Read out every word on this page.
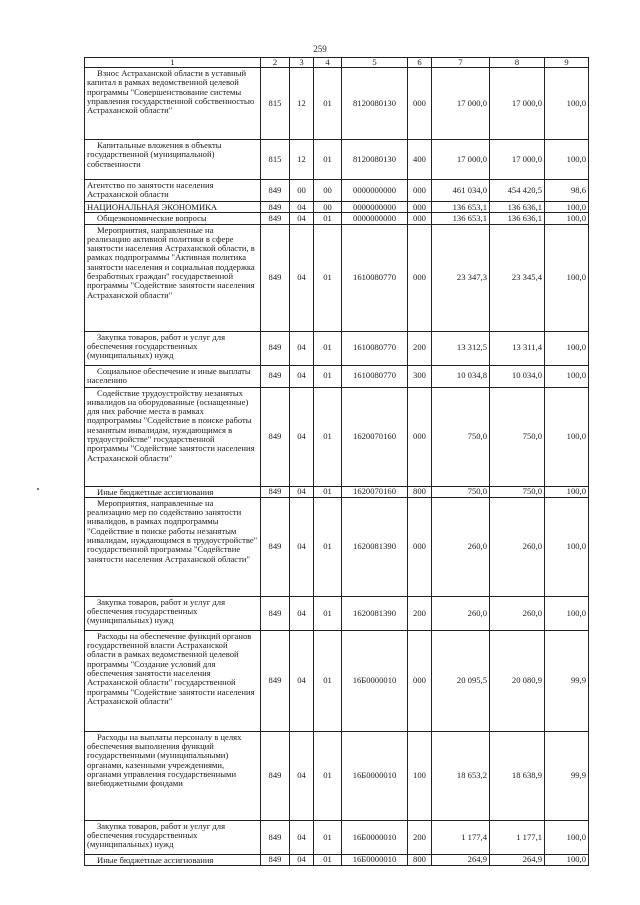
259
1	2	3	4	5	6	7	8	9

Взнос Астраханской области в уставный капитал в рамках ведомственной целевой программы "Совершенствование системы управления государственной собственностью Астраханской области"	815	12	01	8120080130	000	17 000,0	17 000,0	100,0

Капитальные вложения в объекты государственной (муниципальной) собственности	815	12	01	8120080130	400	17 000,0	17 000,0	100,0

Агентство по занятости населения Астраханской области	849	00	00	0000000000	000	461 034,0	454 420,5	98,6

НАЦИОНАЛЬНАЯ ЭКОНОМИКА	849	04	00	0000000000	000	136 653,1	136 636,1	100,0

Общеэкономические вопросы	849	04	01	0000000000	000	136 653,1	136 636,1	100,0

Мероприятия, направленные на реализацию активной политики в сфере занятости населения Астраханской области, в рамках подпрограммы "Активная политика занятости населения и социальная поддержка безработных граждан" государственной программы "Содействие занятости населения Астраханской области"	849	04	01	1610080770	000	23 347,3	23 345,4	100,0

Закупка товаров, работ и услуг для обеспечения государственных (муниципальных) нужд	849	04	01	1610080770	200	13 312,5	13 311,4	100,0

Социальное обеспечение и иные выплаты населению	849	04	01	1610080770	300	10 034,8	10 034,0	100,0

Содействие трудоустройству незанятых инвалидов на оборудованные (оснащенные) для них рабочие места в рамках подпрограммы "Содействие в поиске работы незанятым инвалидам, нуждающимся в трудоустройстве" государственной программы "Содействие занятости населения Астраханской области"	849	04	01	1620070160	000	750,0	750,0	100,0

Иные бюджетные ассигнования	849	04	01	1620070160	800	750,0	750,0	100,0

Мероприятия, направленные на реализацию мер по содействию занятости инвалидов, в рамках подпрограммы "Содействие в поиске работы незанятым инвалидам, нуждающимся в трудоустройстве" государственной программы "Содействие занятости населения Астраханской области"	849	04	01	1620081390	000	260,0	260,0	100,0

Закупка товаров, работ и услуг для обеспечения государственных (муниципальных) нужд	849	04	01	1620081390	200	260,0	260,0	100,0

Расходы на обеспечение функций органов государственной власти Астраханской области в рамках ведомственной целевой программы "Создание условий для обеспечения занятости населения Астраханской области" государственной программы "Содействие занятости населения Астраханской области"	849	04	01	16Б0000010	000	20 095,5	20 080,9	99,9

Расходы на выплаты персоналу в целях обеспечения выполнения функций государственными (муниципальными) органами, казенными учреждениями, органами управления государственными внебюджетными фондами	849	04	01	16Б0000010	100	18 653,2	18 638,9	99,9

Закупка товаров, работ и услуг для обеспечения государственных (муниципальных) нужд	849	04	01	16Б0000010	200	1 177,4	1 177,1	100,0

Иные бюджетные ассигнования	849	04	01	16Б0000010	800	264,9	264,9	100,0
